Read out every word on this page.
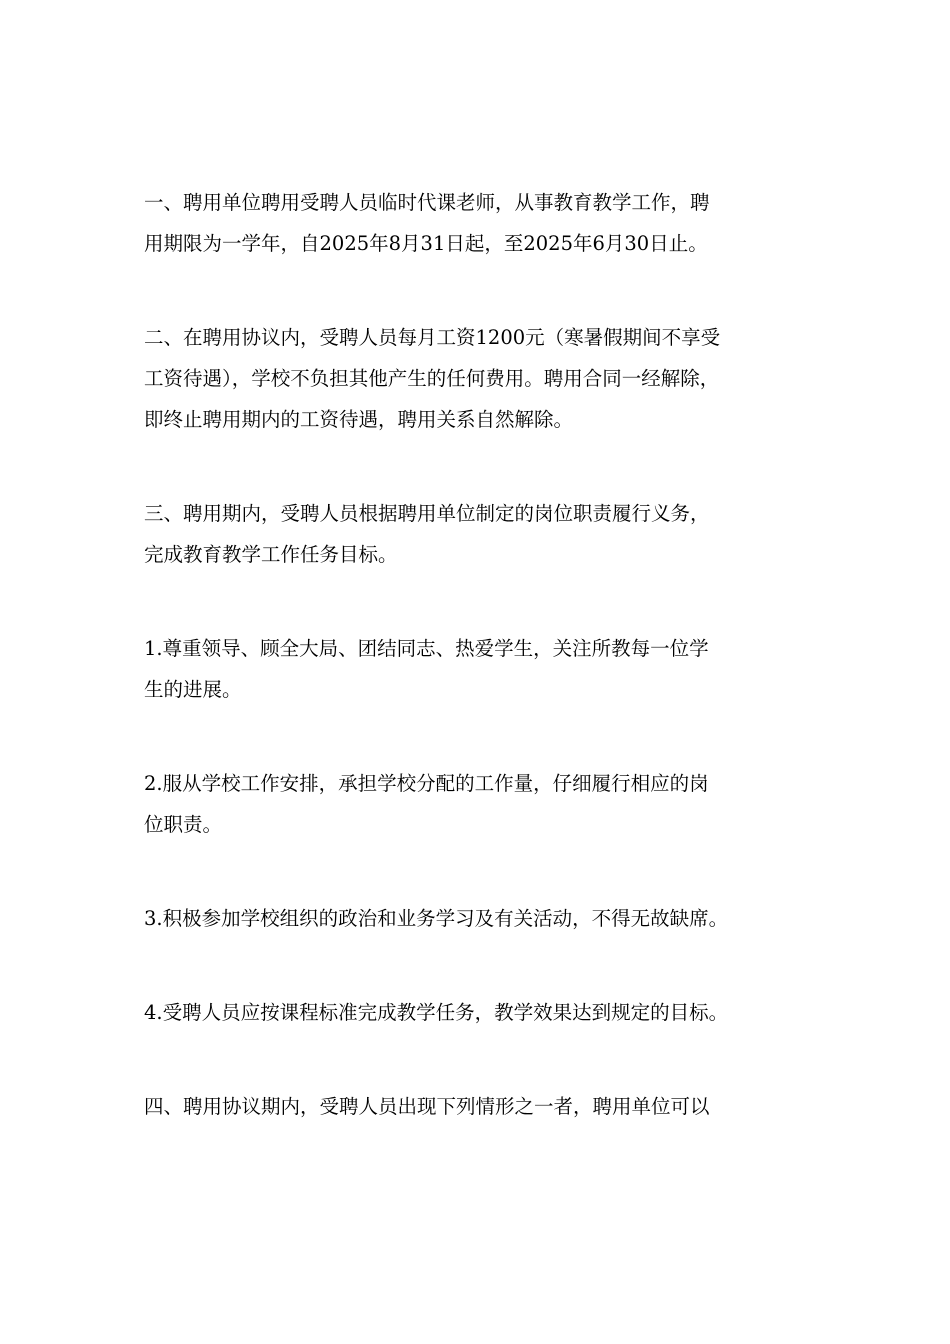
一、聘用单位聘用受聘人员临时代课老师，从事教育教学工作，聘
用期限为一学年，自2025年8月31日起，至2025年6月30日止。

二、在聘用协议内，受聘人员每月工资1200元（寒暑假期间不享受
工资待遇），学校不负担其他产生的任何费用。聘用合同一经解除，
即终止聘用期内的工资待遇，聘用关系自然解除。

三、聘用期内，受聘人员根据聘用单位制定的岗位职责履行义务，
完成教育教学工作任务目标。

1.尊重领导、顾全大局、团结同志、热爱学生，关注所教每一位学
生的进展。

2.服从学校工作安排，承担学校分配的工作量，仔细履行相应的岗
位职责。

3.积极参加学校组织的政治和业务学习及有关活动，不得无故缺席。

4.受聘人员应按课程标准完成教学任务，教学效果达到规定的目标。

四、聘用协议期内，受聘人员出现下列情形之一者，聘用单位可以
